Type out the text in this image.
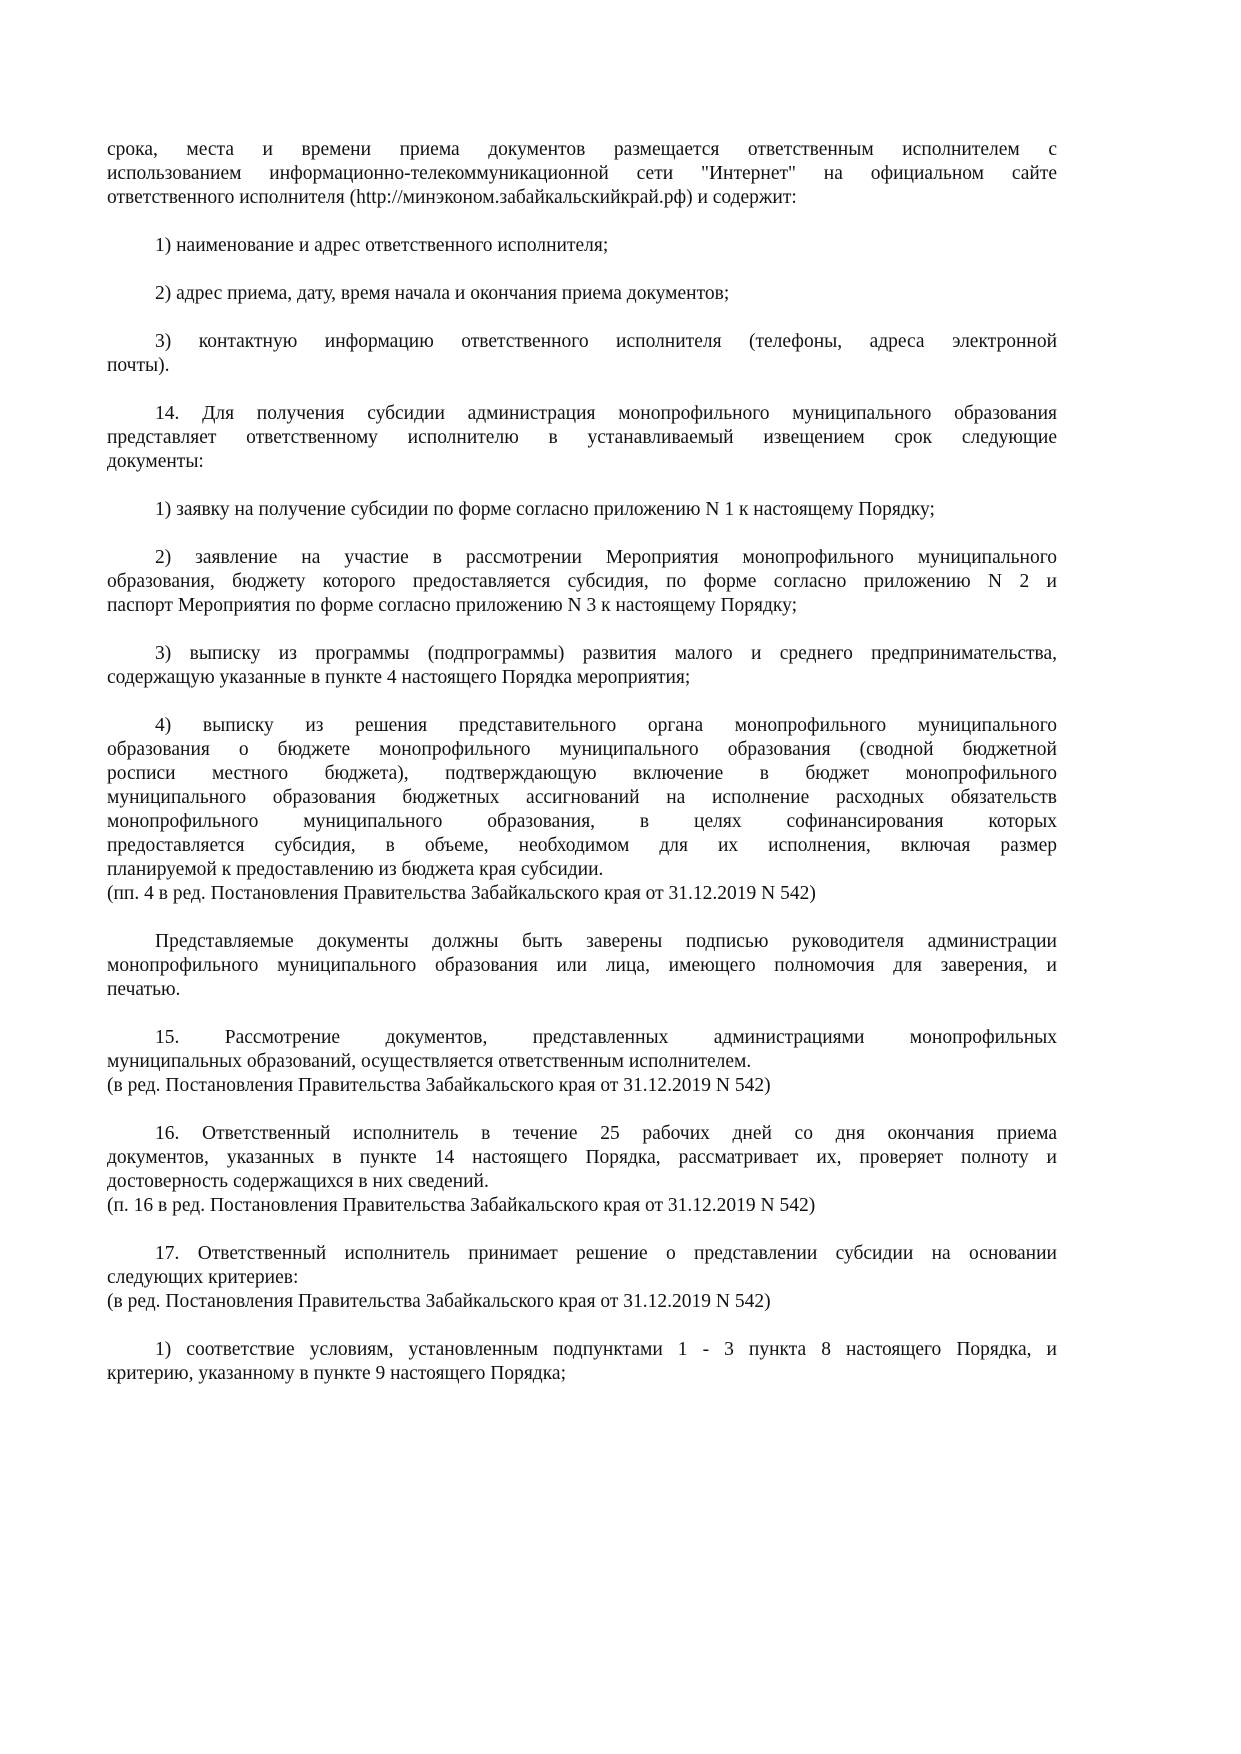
срока, места и времени приема документов размещается ответственным исполнителем с
использованием информационно-телекоммуникационной сети "Интернет" на официальном сайте
ответственного исполнителя (http://минэконом.забайкальскийкрай.рф) и содержит:
1) наименование и адрес ответственного исполнителя;
2) адрес приема, дату, время начала и окончания приема документов;
3) контактную информацию ответственного исполнителя (телефоны, адреса электронной
почты).
14. Для получения субсидии администрация монопрофильного муниципального образования
представляет ответственному исполнителю в устанавливаемый извещением срок следующие
документы:
1) заявку на получение субсидии по форме согласно приложению N 1 к настоящему Порядку;
2) заявление на участие в рассмотрении Мероприятия монопрофильного муниципального
образования, бюджету которого предоставляется субсидия, по форме согласно приложению N 2 и
паспорт Мероприятия по форме согласно приложению N 3 к настоящему Порядку;
3) выписку из программы (подпрограммы) развития малого и среднего предпринимательства,
содержащую указанные в пункте 4 настоящего Порядка мероприятия;
4) выписку из решения представительного органа монопрофильного муниципального
образования о бюджете монопрофильного муниципального образования (сводной бюджетной
росписи местного бюджета), подтверждающую включение в бюджет монопрофильного
муниципального образования бюджетных ассигнований на исполнение расходных обязательств
монопрофильного муниципального образования, в целях софинансирования которых
предоставляется субсидия, в объеме, необходимом для их исполнения, включая размер
планируемой к предоставлению из бюджета края субсидии.
(пп. 4 в ред. Постановления Правительства Забайкальского края от 31.12.2019 N 542)
Представляемые документы должны быть заверены подписью руководителя администрации
монопрофильного муниципального образования или лица, имеющего полномочия для заверения, и
печатью.
15. Рассмотрение документов, представленных администрациями монопрофильных
муниципальных образований, осуществляется ответственным исполнителем.
(в ред. Постановления Правительства Забайкальского края от 31.12.2019 N 542)
16. Ответственный исполнитель в течение 25 рабочих дней со дня окончания приема
документов, указанных в пункте 14 настоящего Порядка, рассматривает их, проверяет полноту и
достоверность содержащихся в них сведений.
(п. 16 в ред. Постановления Правительства Забайкальского края от 31.12.2019 N 542)
17. Ответственный исполнитель принимает решение о представлении субсидии на основании
следующих критериев:
(в ред. Постановления Правительства Забайкальского края от 31.12.2019 N 542)
1) соответствие условиям, установленным подпунктами 1 - 3 пункта 8 настоящего Порядка, и
критерию, указанному в пункте 9 настоящего Порядка;
